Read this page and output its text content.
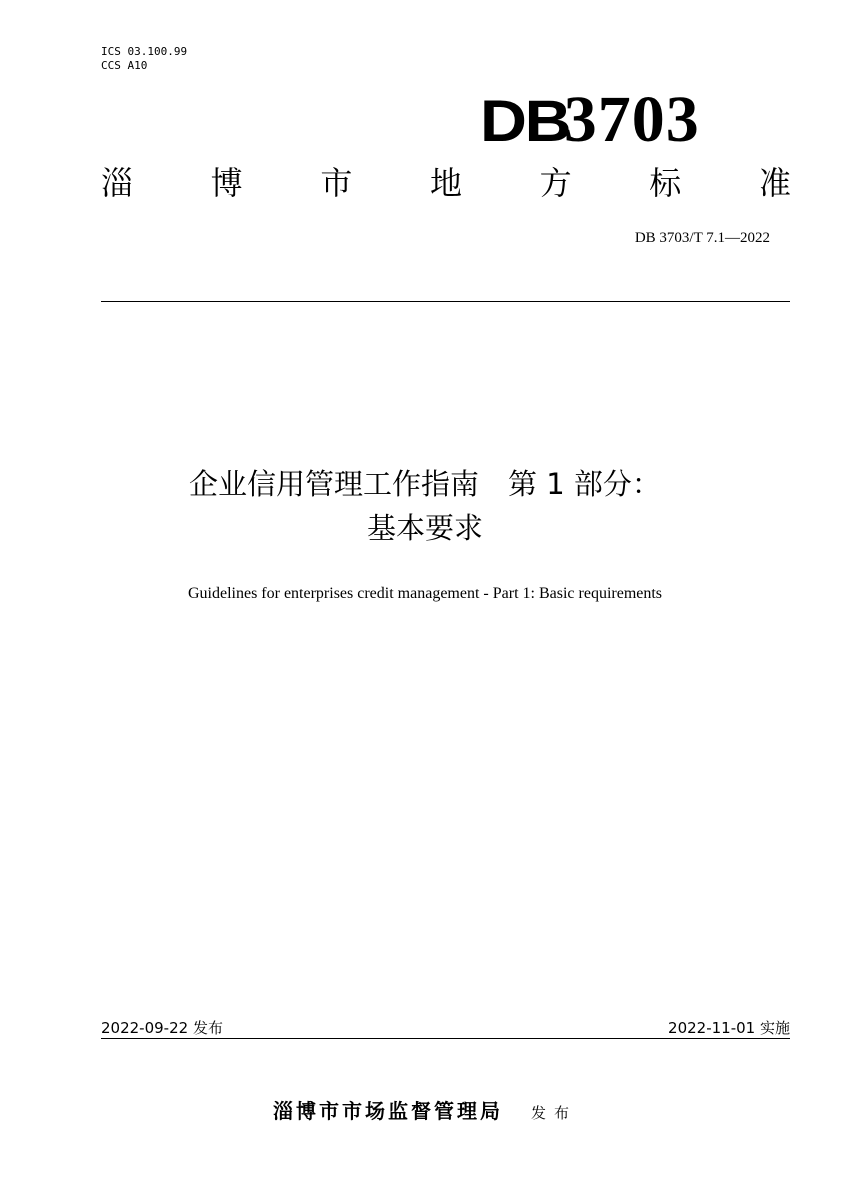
ICS 03.100.99
CCS A10
DB3703
淄 博 市 地 方 标 准
DB 3703/T 7.1—2022
企业信用管理工作指南　第 1 部分：
基本要求
Guidelines for enterprises credit management - Part 1: Basic requirements
2022-09-22 发布	2022-11-01 实施
淄博市市场监督管理局 发布
